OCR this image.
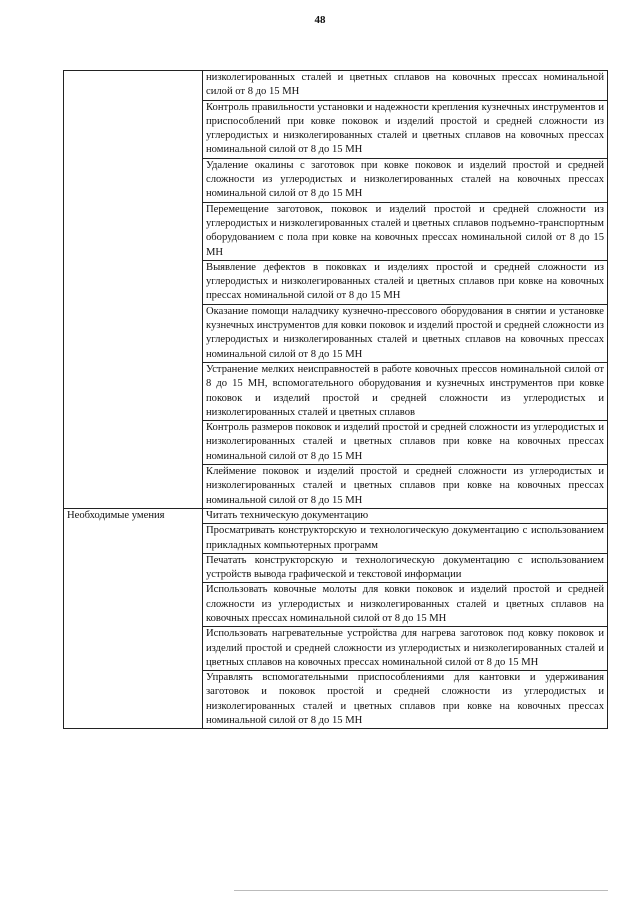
48
	низколегированных сталей и цветных сплавов на ковочных прессах номинальной силой от 8 до 15 МН
	Контроль правильности установки и надежности крепления кузнечных инструментов и приспособлений при ковке поковок и изделий простой и средней сложности из углеродистых и низколегированных сталей и цветных сплавов на ковочных прессах номинальной силой от 8 до 15 МН
	Удаление окалины с заготовок при ковке поковок и изделий простой и средней сложности из углеродистых и низколегированных сталей на ковочных прессах номинальной силой от 8 до 15 МН
	Перемещение заготовок, поковок и изделий простой и средней сложности из углеродистых и низколегированных сталей и цветных сплавов подъемно-транспортным оборудованием с пола при ковке на ковочных прессах номинальной силой от 8 до 15 МН
	Выявление дефектов в поковках и изделиях простой и средней сложности из углеродистых и низколегированных сталей и цветных сплавов при ковке на ковочных прессах номинальной силой от 8 до 15 МН
	Оказание помощи наладчику кузнечно-прессового оборудования в снятии и установке кузнечных инструментов для ковки поковок и изделий простой и средней сложности из углеродистых и низколегированных сталей и цветных сплавов на ковочных прессах номинальной силой от 8 до 15 МН
	Устранение мелких неисправностей в работе ковочных прессов номинальной силой от 8 до 15 МН, вспомогательного оборудования и кузнечных инструментов при ковке поковок и изделий простой и средней сложности из углеродистых и низколегированных сталей и цветных сплавов
	Контроль размеров поковок и изделий простой и средней сложности из углеродистых и низколегированных сталей и цветных сплавов при ковке на ковочных прессах номинальной силой от 8 до 15 МН
	Клеймение поковок и изделий простой и средней сложности из углеродистых и низколегированных сталей и цветных сплавов при ковке на ковочных прессах номинальной силой от 8 до 15 МН
Необходимые умения	Читать техническую документацию
	Просматривать конструкторскую и технологическую документацию с использованием прикладных компьютерных программ
	Печатать конструкторскую и технологическую документацию с использованием устройств вывода графической и текстовой информации
	Использовать ковочные молоты для ковки поковок и изделий простой и средней сложности из углеродистых и низколегированных сталей и цветных сплавов на ковочных прессах номинальной силой от 8 до 15 МН
	Использовать нагревательные устройства для нагрева заготовок под ковку поковок и изделий простой и средней сложности из углеродистых и низколегированных сталей и цветных сплавов на ковочных прессах номинальной силой от 8 до 15 МН
	Управлять вспомогательными приспособлениями для кантовки и удерживания заготовок и поковок простой и средней сложности из углеродистых и низколегированных сталей и цветных сплавов при ковке на ковочных прессах номинальной силой от 8 до 15 МН
